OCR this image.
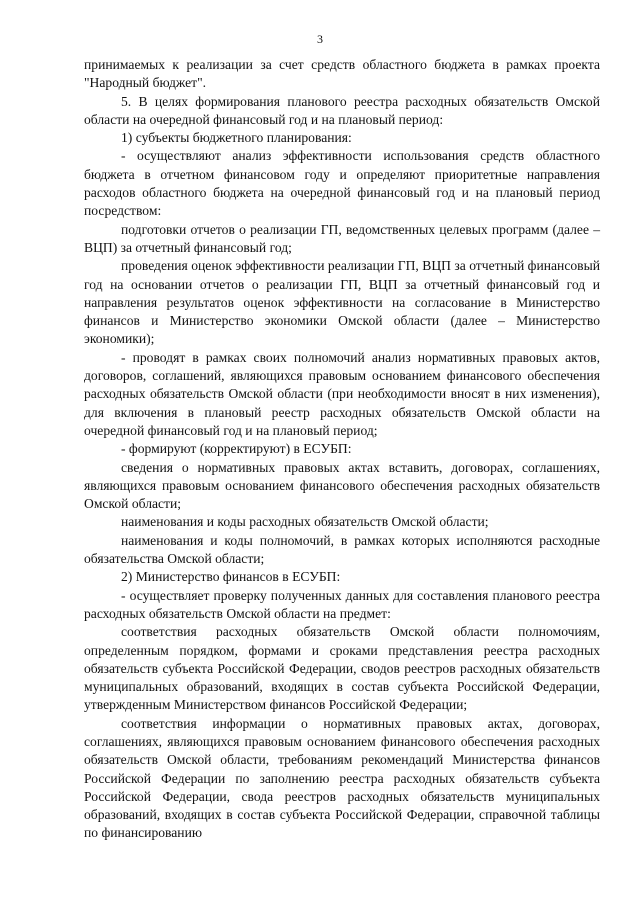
3

принимаемых к реализации за счет средств областного бюджета в рамках проекта "Народный бюджет".

5. В целях формирования планового реестра расходных обязательств Омской области на очередной финансовый год и на плановый период:

1) субъекты бюджетного планирования:

- осуществляют анализ эффективности использования средств областного бюджета в отчетном финансовом году и определяют приоритетные направления расходов областного бюджета на очередной финансовый год и на плановый период посредством:

подготовки отчетов о реализации ГП, ведомственных целевых программ (далее – ВЦП) за отчетный финансовый год;

проведения оценок эффективности реализации ГП, ВЦП за отчетный финансовый год на основании отчетов о реализации ГП, ВЦП за отчетный финансовый год и направления результатов оценок эффективности на согласование в Министерство финансов и Министерство экономики Омской области (далее – Министерство экономики);

- проводят в рамках своих полномочий анализ нормативных правовых актов, договоров, соглашений, являющихся правовым основанием финансового обеспечения расходных обязательств Омской области (при необходимости вносят в них изменения), для включения в плановый реестр расходных обязательств Омской области на очередной финансовый год и на плановый период;

- формируют (корректируют) в ЕСУБП:

сведения о нормативных правовых актах вставить, договорах, соглашениях, являющихся правовым основанием финансового обеспечения расходных обязательств Омской области;

наименования и коды расходных обязательств Омской области;

наименования и коды полномочий, в рамках которых исполняются расходные обязательства Омской области;

2) Министерство финансов в ЕСУБП:

- осуществляет проверку полученных данных для составления планового реестра расходных обязательств Омской области на предмет:

соответствия расходных обязательств Омской области полномочиям, определенным порядком, формами и сроками представления реестра расходных обязательств субъекта Российской Федерации, сводов реестров расходных обязательств муниципальных образований, входящих в состав субъекта Российской Федерации, утвержденным Министерством финансов Российской Федерации;

соответствия информации о нормативных правовых актах, договорах, соглашениях, являющихся правовым основанием финансового обеспечения расходных обязательств Омской области, требованиям рекомендаций Министерства финансов Российской Федерации по заполнению реестра расходных обязательств субъекта Российской Федерации, свода реестров расходных обязательств муниципальных образований, входящих в состав субъекта Российской Федерации, справочной таблицы по финансированию
